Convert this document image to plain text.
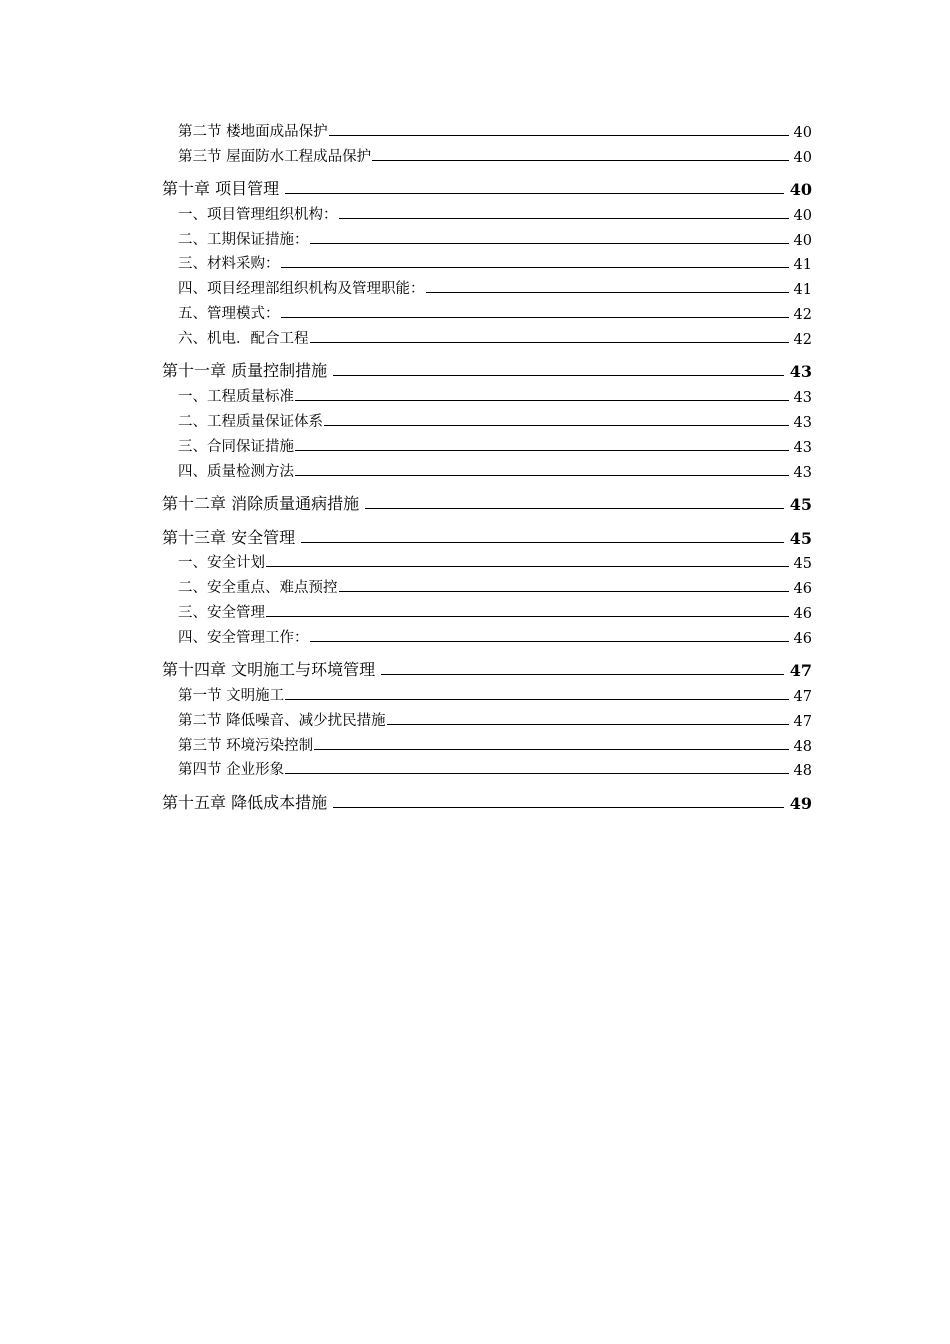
第二节 楼地面成品保护	40
第三节 屋面防水工程成品保护	40
第十章 项目管理	40
一、项目管理组织机构：	40
二、工期保证措施：	40
三、材料采购：	41
四、项目经理部组织机构及管理职能：	41
五、管理模式：	42
六、机电．配合工程	42
第十一章 质量控制措施	43
一、工程质量标准	43
二、工程质量保证体系	43
三、合同保证措施	43
四、质量检测方法	43
第十二章 消除质量通病措施	45
第十三章 安全管理	45
一、安全计划	45
二、安全重点、难点预控	46
三、安全管理	46
四、安全管理工作：	46
第十四章 文明施工与环境管理	47
第一节 文明施工	47
第二节 降低噪音、减少扰民措施	47
第三节 环境污染控制	48
第四节 企业形象	48
第十五章 降低成本措施	49
